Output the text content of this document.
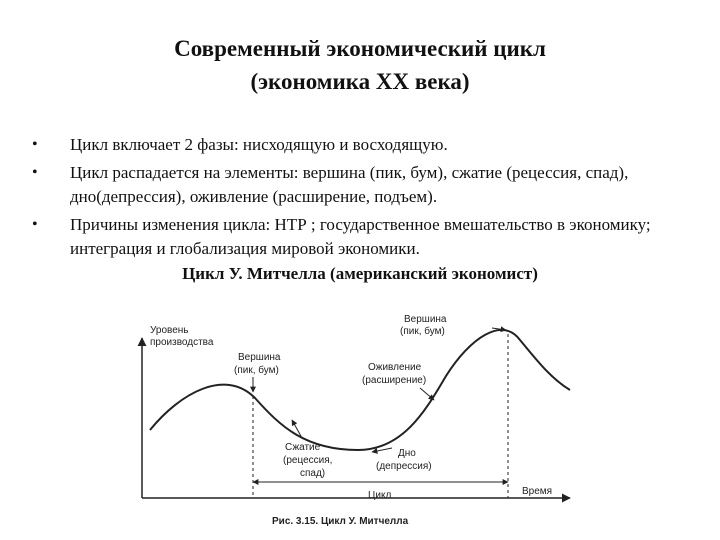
Современный экономический цикл
(экономика XX века)
• Цикл включает 2 фазы: нисходящую и восходящую.
• Цикл распадается на элементы: вершина (пик, бум), сжатие (рецессия, спад), дно(депрессия), оживление (расширение, подъем).
• Причины изменения цикла: НТР ; государственное вмешательство в экономику; интеграция и глобализация мировой экономики.
Цикл У. Митчелла (американский экономист)
Уровень
производства
Время
Вершина
(пик, бум)
Вершина
(пик, бум)
Сжатие
(рецессия,
спад)
Дно
(депрессия)
Оживление
(расширение)
Цикл
Рис. 3.15. Цикл У. Митчелла
